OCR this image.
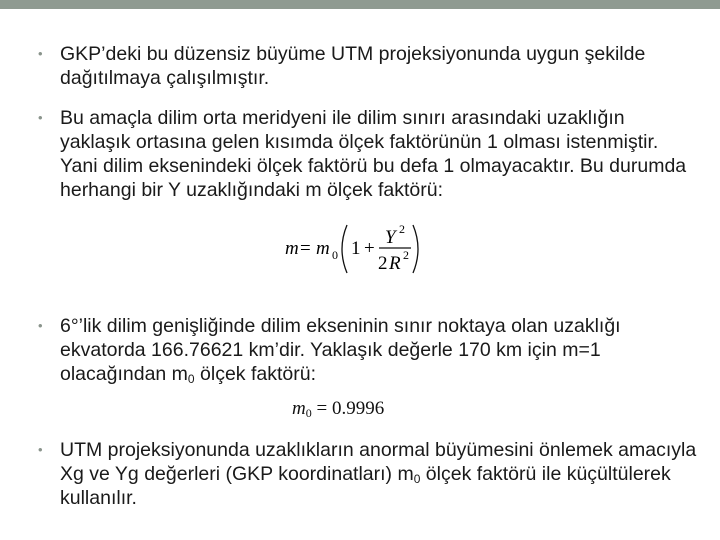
• GKP’deki bu düzensiz büyüme UTM projeksiyonunda uygun şekilde dağıtılmaya çalışılmıştır.
• Bu amaçla dilim orta meridyeni ile dilim sınırı arasındaki uzaklığın yaklaşık ortasına gelen kısımda ölçek faktörünün 1 olması istenmiştir. Yani dilim eksenindeki ölçek faktörü bu defa 1 olmayacaktır. Bu durumda herhangi bir Y uzaklığındaki m ölçek faktörü:
m = m 0 1 +
Y 2
2 R 2
• 6°’lik dilim genişliğinde dilim ekseninin sınır noktaya olan uzaklığı ekvatorda 166.76621 km’dir. Yaklaşık değerle 170 km için m=1 olacağından $m_0$ ölçek faktörü:
$m_0 = 0.9996$
• UTM projeksiyonunda uzaklıkların anormal büyümesini önlemek amacıyla Xg ve Yg değerleri (GKP koordinatları) $m_0$ ölçek faktörü ile küçültülerek kullanılır.
